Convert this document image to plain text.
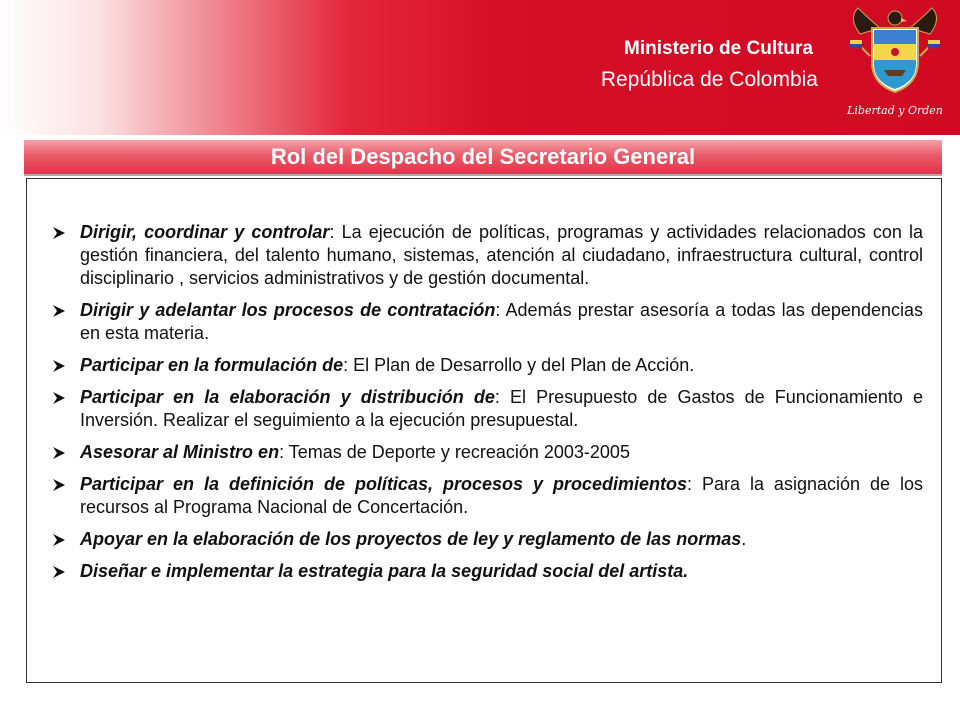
Ministerio de Cultura
República de Colombia
Libertad y Orden
Rol del Despacho del Secretario General
Dirigir, coordinar y controlar: La ejecución de políticas, programas y actividades relacionados con la gestión financiera, del talento humano, sistemas, atención al ciudadano, infraestructura cultural, control disciplinario , servicios administrativos y de gestión documental.
Dirigir y adelantar los procesos de contratación: Además prestar asesoría a todas las dependencias en esta materia.
Participar en la formulación de: El Plan de Desarrollo y del Plan de Acción.
Participar en la elaboración y distribución de: El Presupuesto de Gastos de Funcionamiento e Inversión. Realizar el seguimiento a la ejecución presupuestal.
Asesorar al Ministro en: Temas de Deporte y recreación 2003-2005
Participar en la definición de políticas, procesos y procedimientos: Para la asignación de los recursos al Programa Nacional de Concertación.
Apoyar en la elaboración de los proyectos de ley y reglamento de las normas.
Diseñar e implementar la estrategia para la seguridad social del artista.
